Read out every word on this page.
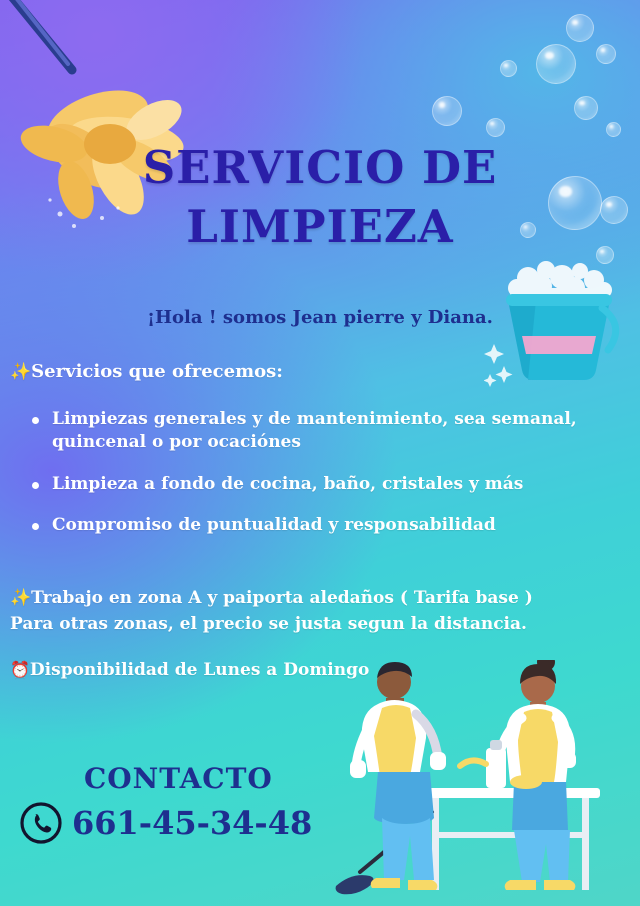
SERVICIO DE
LIMPIEZA
¡Hola ! somos Jean pierre y Diana.
✨Servicios que ofrecemos:
Limpiezas generales y de mantenimiento, sea semanal, quincenal o por ocaciónes
Limpieza a fondo de cocina, baño, cristales y más
Compromiso de puntualidad y responsabilidad
✨Trabajo en zona A y paiporta aledaños ( Tarifa base )
Para otras zonas, el precio se justa segun la distancia.
⏰Disponibilidad de Lunes a Domingo
CONTACTO
661-45-34-48
